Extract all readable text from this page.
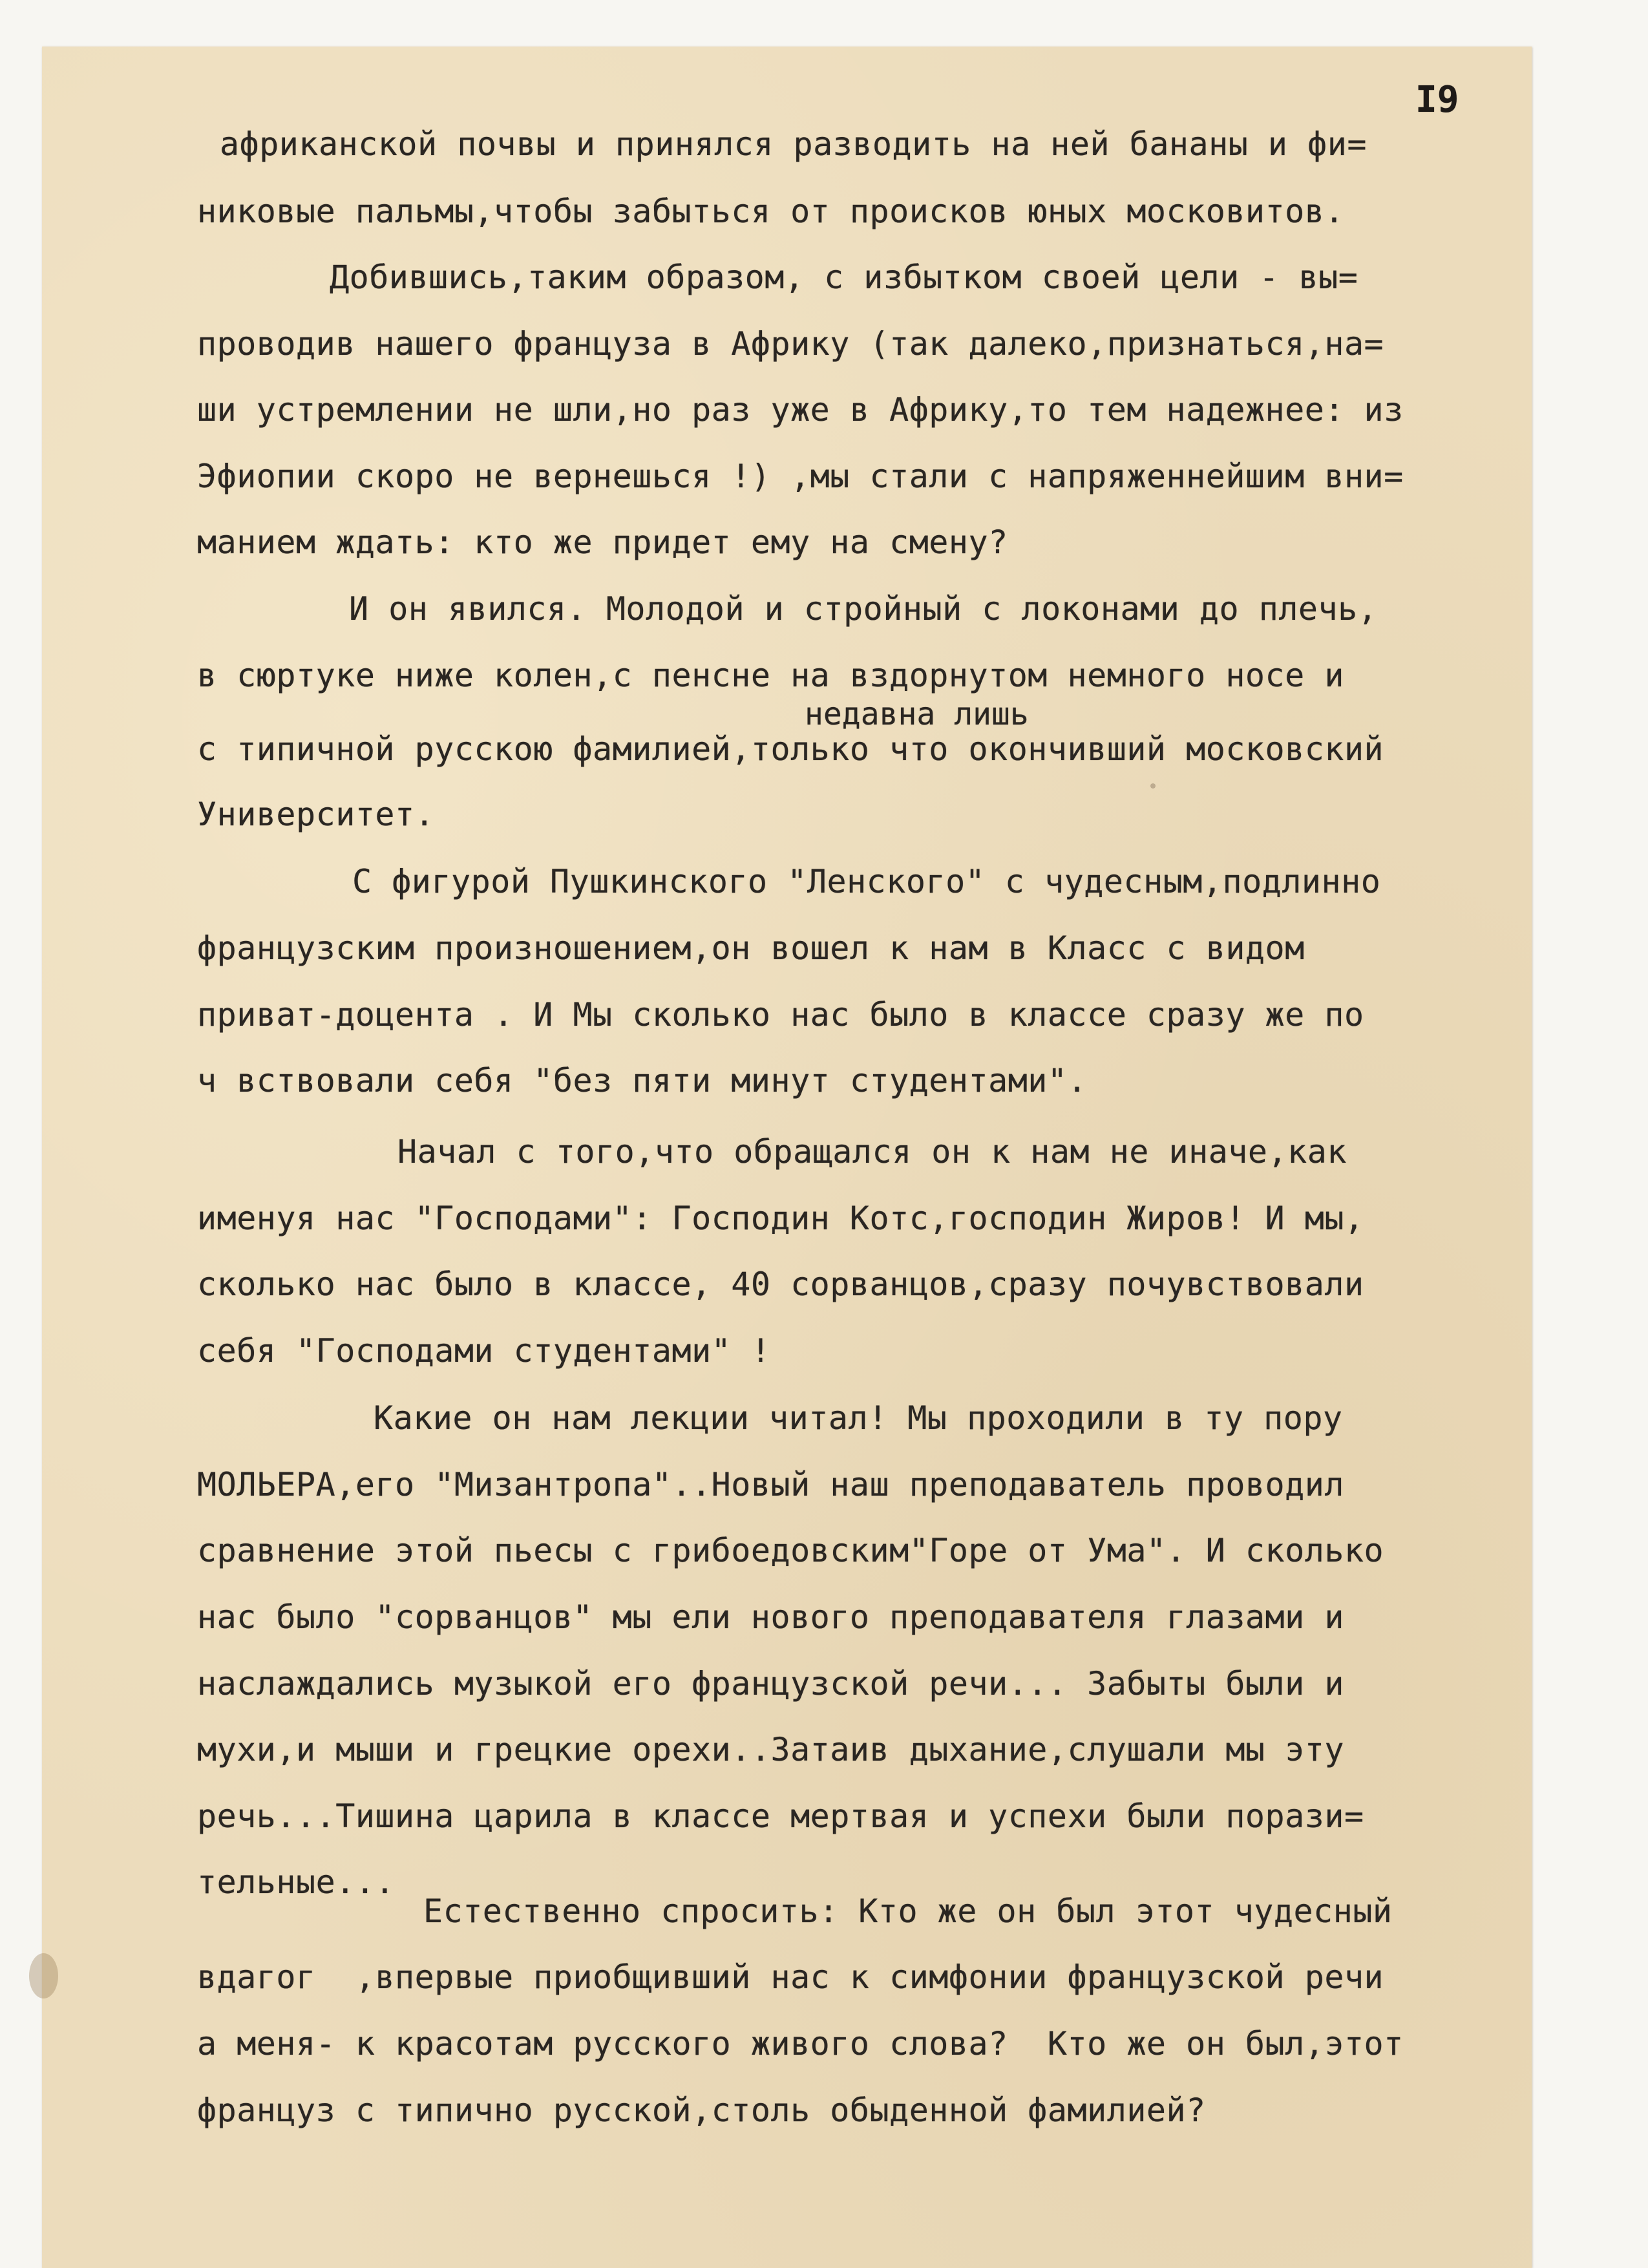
I9
недавна лишь
африканской почвы и принялся разводить на ней бананы и фи=
никовые пальмы,чтобы забыться от происков юных московитов.
Добившись,таким образом, с избытком своей цели - вы=
проводив нашего француза в Африку (так далеко,признаться,на=
ши устремлении не шли,но раз уже в Африку,то тем надежнее: из
Эфиопии скоро не вернешься !) ,мы стали с напряженнейшим вни=
манием ждать: кто же придет ему на смену?
И он явился. Молодой и стройный с локонами до плечь,
в сюртуке ниже колен,с пенсне на вздорнутом немного носе и
с типичной русскою фамилией,только что окончивший московский
Университет.
С фигурой Пушкинского "Ленского" с чудесным,подлинно
французским произношением,он вошел к нам в Класс с видом
приват-доцента . И Мы сколько нас было в классе сразу же по
ч вствовали себя "без пяти минут студентами".
Начал с того,что обращался он к нам не иначе,как
именуя нас "Господами": Господин Котс,господин Жиров! И мы,
сколько нас было в классе, 40 сорванцов,сразу почувствовали
себя "Господами студентами" !
Какие он нам лекции читал! Мы проходили в ту пору
МОЛЬЕРА,его "Мизантропа"..Новый наш преподаватель проводил
сравнение этой пьесы с грибоедовским"Горе от Ума". И сколько
нас было "сорванцов" мы ели нового преподавателя глазами и
наслаждались музыкой его французской речи... Забыты были и
мухи,и мыши и грецкие орехи..Затаив дыхание,слушали мы эту
речь...Тишина царила в классе мертвая и успехи были порази=
тельные...
Естественно спросить: Кто же он был этот чудесный
вдагог  ,впервые приобщивший нас к симфонии французской речи
а меня- к красотам русского живого слова?  Кто же он был,этот
француз с типично русской,столь обыденной фамилией?
